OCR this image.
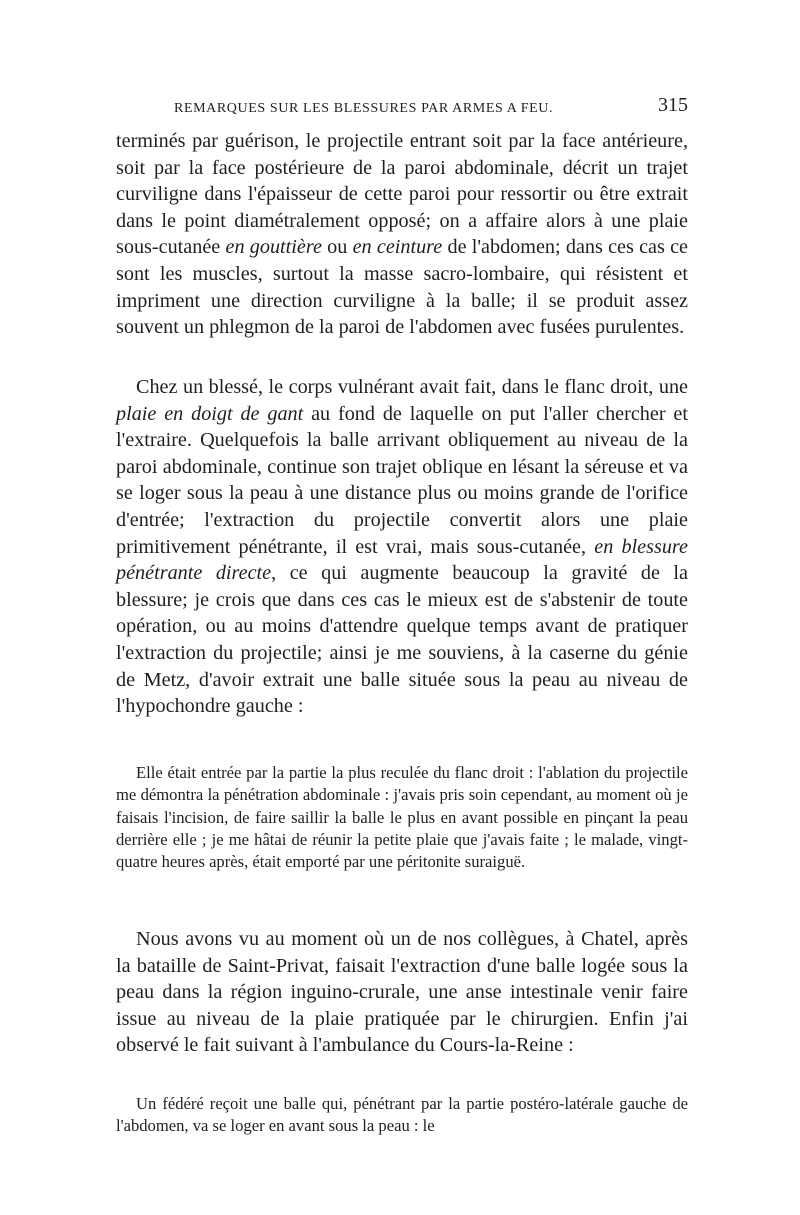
REMARQUES SUR LES BLESSURES PAR ARMES A FEU.	315

terminés par guérison, le projectile entrant soit par la face antérieure, soit par la face postérieure de la paroi abdominale, décrit un trajet curviligne dans l'épaisseur de cette paroi pour ressortir ou être extrait dans le point diamétralement opposé; on a affaire alors à une plaie sous-cutanée en gouttière ou en ceinture de l'abdomen; dans ces cas ce sont les muscles, surtout la masse sacro-lombaire, qui résistent et impriment une direction curviligne à la balle; il se produit assez souvent un phlegmon de la paroi de l'abdomen avec fusées purulentes.

Chez un blessé, le corps vulnérant avait fait, dans le flanc droit, une plaie en doigt de gant au fond de laquelle on put l'aller chercher et l'extraire. Quelquefois la balle arrivant obliquement au niveau de la paroi abdominale, continue son trajet oblique en lésant la séreuse et va se loger sous la peau à une distance plus ou moins grande de l'orifice d'entrée; l'extraction du projectile convertit alors une plaie primitivement pénétrante, il est vrai, mais sous-cutanée, en blessure pénétrante directe, ce qui augmente beaucoup la gravité de la blessure; je crois que dans ces cas le mieux est de s'abstenir de toute opération, ou au moins d'attendre quelque temps avant de pratiquer l'extraction du projectile; ainsi je me souviens, à la caserne du génie de Metz, d'avoir extrait une balle située sous la peau au niveau de l'hypochondre gauche :

Elle était entrée par la partie la plus reculée du flanc droit : l'ablation du projectile me démontra la pénétration abdominale : j'avais pris soin cependant, au moment où je faisais l'incision, de faire saillir la balle le plus en avant possible en pinçant la peau derrière elle ; je me hâtai de réunir la petite plaie que j'avais faite ; le malade, vingt-quatre heures après, était emporté par une péritonite suraiguë.

Nous avons vu au moment où un de nos collègues, à Chatel, après la bataille de Saint-Privat, faisait l'extraction d'une balle logée sous la peau dans la région inguino-crurale, une anse intestinale venir faire issue au niveau de la plaie pratiquée par le chirurgien. Enfin j'ai observé le fait suivant à l'ambulance du Cours-la-Reine :

Un fédéré reçoit une balle qui, pénétrant par la partie postéro-latérale gauche de l'abdomen, va se loger en avant sous la peau : le
